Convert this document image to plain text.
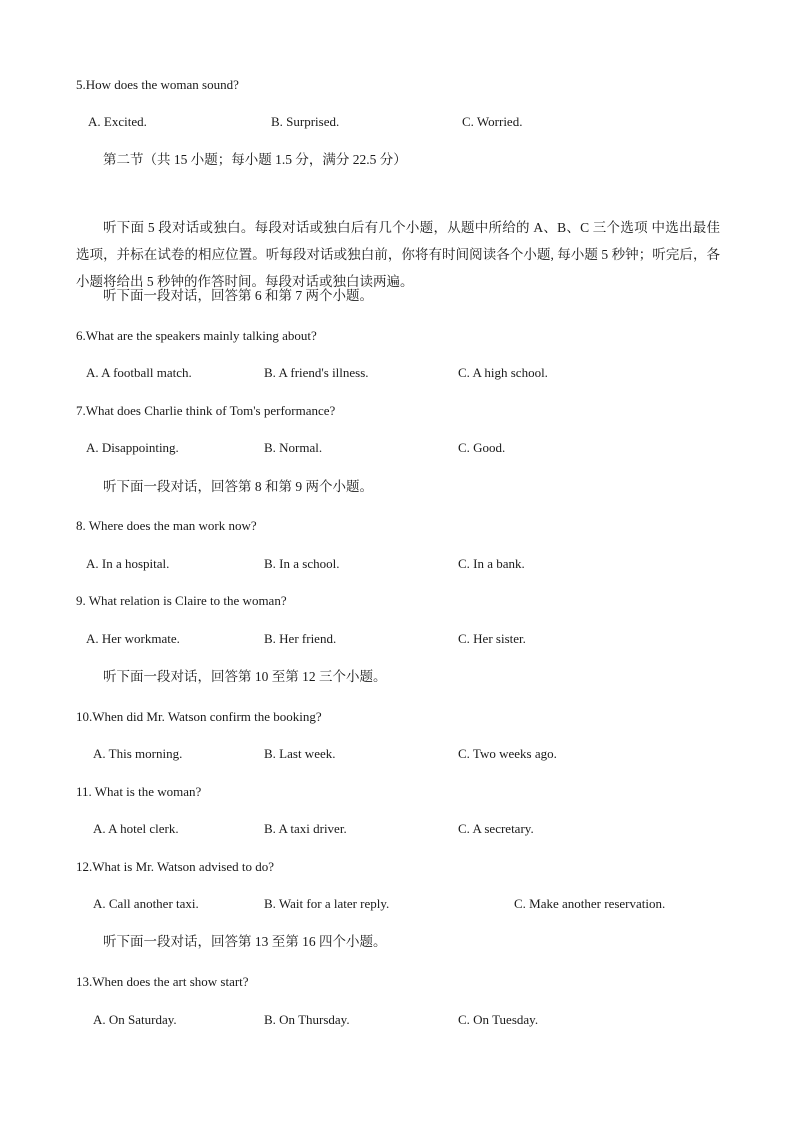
5.How does the woman sound?
A. Excited.	B. Surprised.	C. Worried.
第二节（共 15 小题；每小题 1.5 分，满分 22.5 分）
听下面 5 段对话或独白。每段对话或独白后有几个小题，从题中所给的 A、B、C 三个选项 中选出最佳选项，并标在试卷的相应位置。听每段对话或独白前，你将有时间阅读各个小题, 每小题 5 秒钟；听完后，各小题将给出 5 秒钟的作答时间。每段对话或独白读两遍。
听下面一段对话，回答第 6 和第 7 两个小题。
6.What are the speakers mainly talking about?
A. A football match.	B. A friend's illness.	C. A high school.
7.What does Charlie think of Tom's performance?
A. Disappointing.	B. Normal.	C. Good.
听下面一段对话，回答第 8 和第 9 两个小题。
8. Where does the man work now?
A. In a hospital.	B. In a school.	C. In a bank.
9. What relation is Claire to the woman?
A. Her workmate.	B. Her friend.	C. Her sister.
听下面一段对话，回答第 10 至第 12 三个小题。
10.When did Mr. Watson confirm the booking?
A. This morning.	B. Last week.	C. Two weeks ago.
11. What is the woman?
A. A hotel clerk.	B. A taxi driver.	C. A secretary.
12.What is Mr. Watson advised to do?
A. Call another taxi.	B. Wait for a later reply.	C. Make another reservation.
听下面一段对话，回答第 13 至第 16 四个小题。
13.When does the art show start?
A. On Saturday.	B. On Thursday.	C. On Tuesday.
